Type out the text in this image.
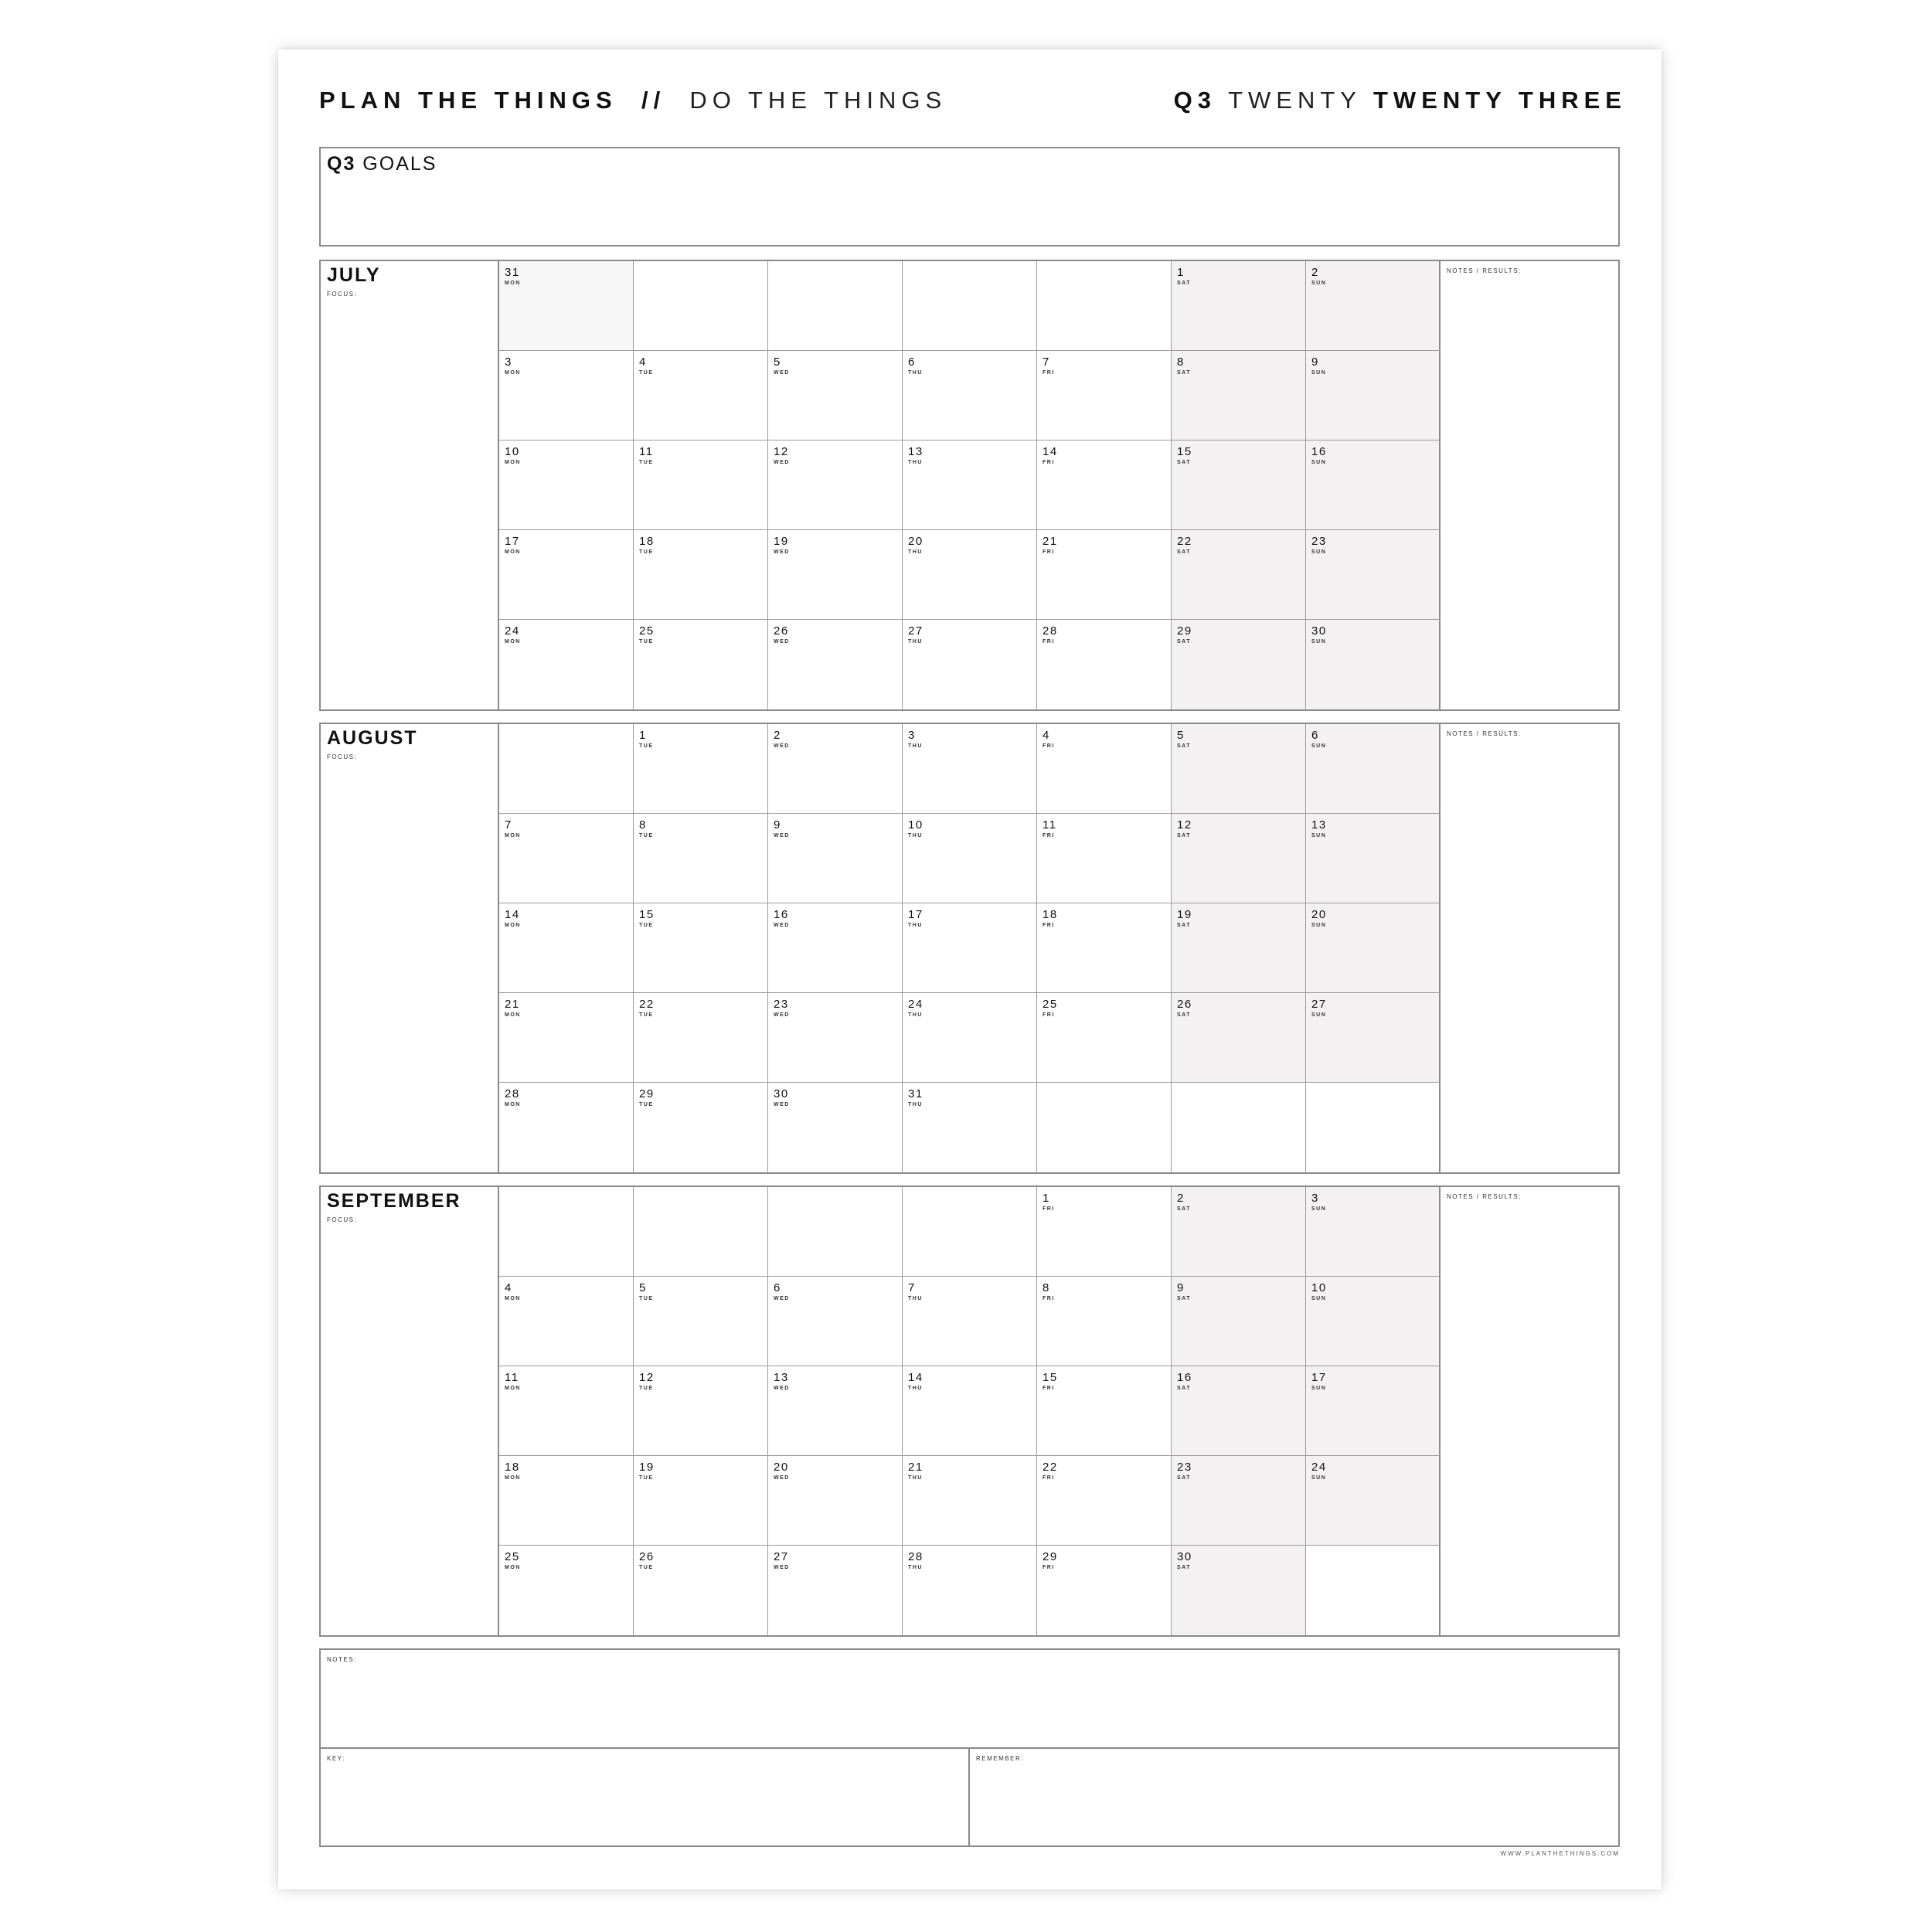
PLAN THE THINGS  //  DO THE THINGS	Q3 TWENTY TWENTY THREE
Q3 GOALS
JULY
FOCUS:
31
MON
1
SAT
2
SUN
3
MON
4
TUE
5
WED
6
THU
7
FRI
8
SAT
9
SUN
10
MON
11
TUE
12
WED
13
THU
14
FRI
15
SAT
16
SUN
17
MON
18
TUE
19
WED
20
THU
21
FRI
22
SAT
23
SUN
24
MON
25
TUE
26
WED
27
THU
28
FRI
29
SAT
30
SUN
NOTES / RESULTS:
AUGUST
FOCUS:
1
TUE
2
WED
3
THU
4
FRI
5
SAT
6
SUN
7
MON
8
TUE
9
WED
10
THU
11
FRI
12
SAT
13
SUN
14
MON
15
TUE
16
WED
17
THU
18
FRI
19
SAT
20
SUN
21
MON
22
TUE
23
WED
24
THU
25
FRI
26
SAT
27
SUN
28
MON
29
TUE
30
WED
31
THU
NOTES / RESULTS:
SEPTEMBER
FOCUS:
1
FRI
2
SAT
3
SUN
4
MON
5
TUE
6
WED
7
THU
8
FRI
9
SAT
10
SUN
11
MON
12
TUE
13
WED
14
THU
15
FRI
16
SAT
17
SUN
18
MON
19
TUE
20
WED
21
THU
22
FRI
23
SAT
24
SUN
25
MON
26
TUE
27
WED
28
THU
29
FRI
30
SAT
NOTES / RESULTS:
NOTES:
KEY:	REMEMBER:
WWW.PLANTHETHINGS.COM
